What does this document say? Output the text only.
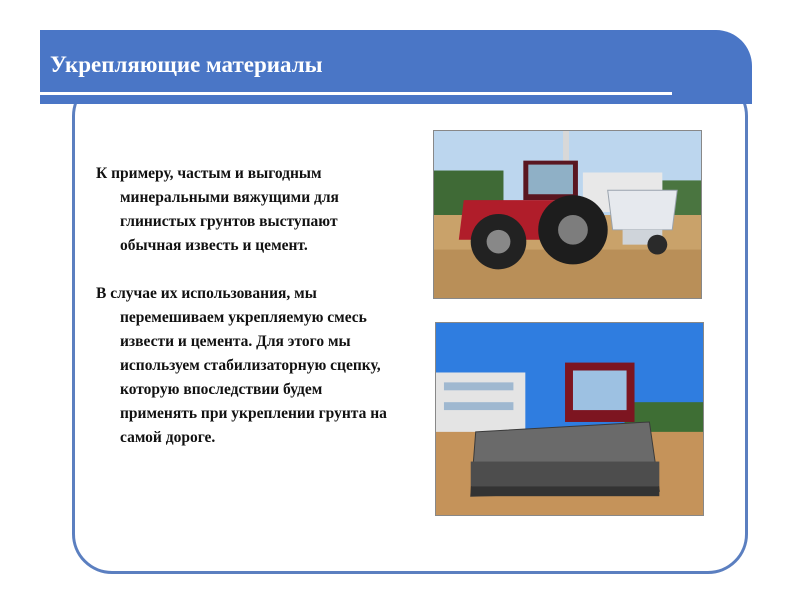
Укрепляющие материалы

К примеру, частым и выгодным минеральными вяжущими для глинистых грунтов выступают обычная известь и цемент.

В случае их использования, мы перемешиваем укрепляемую смесь извести и цемента. Для этого мы используем стабилизаторную сцепку, которую впоследствии будем применять при укреплении грунта на самой дороге.
